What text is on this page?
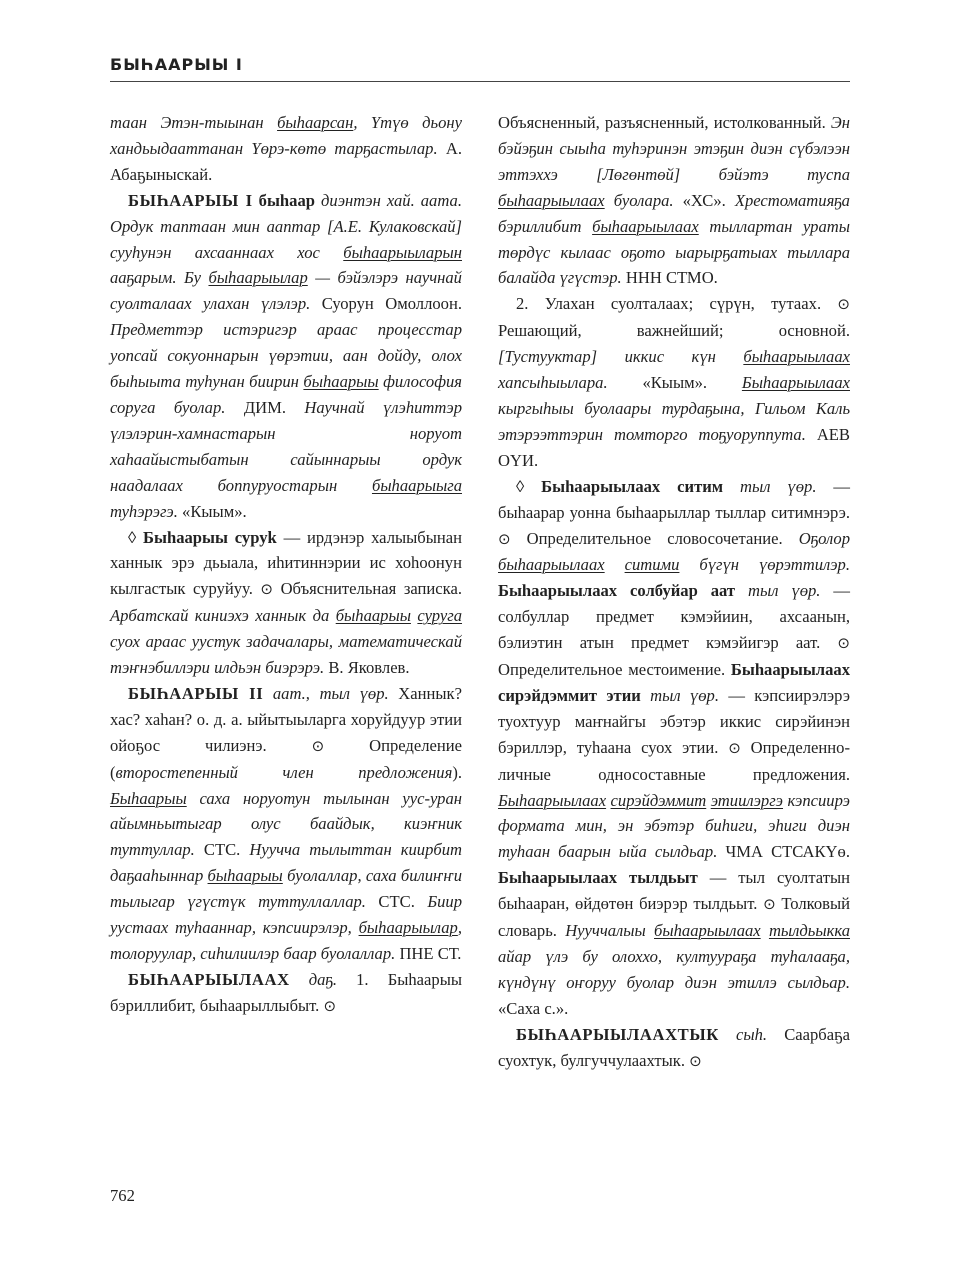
БЫҺААРЫЫ I

таан Этэн-тыынан быһаарсан, Үтүө дьону хандьыдааттанан Үөрэ-көтө тарҕастылар. А. Абаҕыныскай.

БЫҺААРЫЫ I быһаар диэнтэн хай. аата. Ордук таптаан мин ааптар [А.Е. Кулаковскай] сууһунэн ахсааннаах хос быһаарыыларын ааҕарым. Бу быһаарыылар — бэйэлэрэ научнай суолталаах улахан үлэлэр. Суорун Омоллоон. Предметтэр истэригэр араас процесстар уопсай сокуоннарын үөрэтии, аан дойду, олох быһыыта туһунан биирин быһаарыы философия соруга буолар. ДИМ. Научнай үлэһиттэр үлэлэрин-хамнастарын норуот хаһаайыстыбатын сайыннарыы ордук наадалаах боппуруостарын быһаарыыга туһэрэгэ. «Кыым».

◊ Быһаарыы суруk — ирдэнэр халыыбынан ханнык эрэ дьыала, иһитиннэрии ис хоһоонун кылгастык суруйуу. ⊙ Объяснительная записка. Арбатскай киниэхэ ханнык да быһаарыы суруга суох араас уустук задачалары, математическай тэҥнэбиллэри илдьэн биэрэрэ. В. Яковлев.

БЫҺААРЫЫ II аат., тыл үөр. Ханнык? хас? хаһан? о. д. а. ыйытыыларга хоруйдуур этии ойоҕос чилиэнэ. ⊙ Определение (второстепенный член предложения). Быһаарыы саха норуотун тылынан уус-уран айымньытыгар олус баайдык, киэҥник туттуллар. СТС. Нуучча тылыттан киирбит даҕааһыннар быһаарыы буолаллар, саха билиҥҥи тылыгар үгүстүк туттуллаллар. СТС. Биир уустаах туһааннар, кэпсиирэлэр, быһаарыылар, толоруулар, сиһилиилэр баар буолаллар. ПНЕ СТ.

БЫҺААРЫЫЛААХ даҕ. 1. Быһаарыы бэриллибит, быһаарыллыбыт. ⊙

Объясненный, разъясненный, истолкованный. Эн бэйэҕин сыыһа туһэринэн этэҕин диэн сүбэлээн эттэххэ [Лөгөнтөй] бэйэтэ туспа быһаарыылаах буолара. «ХС». Хрестоматияҕа бэриллибит быһаарыылаах тыллартан ураты төрдүс кылаас оҕото ыарырҕатыах тыллара балайда үгүстэр. ННН СТМО.

2. Улахан суолталаах; сүрүн, тутаах. ⊙ Решающий, важнейший; основной. [Тустууктар] иккис күн быһаарыылаах хапсыһыылара. «Кыым». Быһаарыылаах кыргыһыы буолаары турдаҕына, Гильом Каль этэрээттэрин томторго тоҕуоруппута. АЕВ ОҮИ.

◊ Быһаарыылаах ситим тыл үөр. — быһаарар уонна быһаарыллар тыллар ситимнэрэ. ⊙ Определительное словосочетание. Оҕолор быһаарыылаах ситими бүгүн үөрэттилэр. Быһаарыылаах солбуйар аат тыл үөр. — солбуллар предмет кэмэйиин, ахсаанын, бэлиэтин атын предмет кэмэйигэр аат. ⊙ Определительное местоимение. Быһаарыылаах сирэйдэммит этии тыл үөр. — кэпсиирэлэрэ туохтуур маҥнайгы эбэтэр иккис сирэйинэн бэриллэр, туһаана суох этии. ⊙ Определенно-личные односоставные предложения. Быһаарыылаах сирэйдэммит этиилэргэ кэпсиирэ формата мин, эн эбэтэр биһиги, эһиги диэн туһаан баарын ыйа сылдьар. ЧМА СТСАКҮө. Быһаарыылаах тылдьыт — тыл суолтатын быһааран, өйдөтөн биэрэр тылдьыт. ⊙ Толковый словарь. Нууччалыы быһаарыылаах тылдьыкка айар үлэ бу олоххо, култуураҕа туһалааҕа, күндүнү оҥоруу буолар диэн этиллэ сылдьар. «Саха с.».

БЫҺААРЫЫЛААХТЫК сыһ. Саарбаҕа суохтук, булгуччулаахтык. ⊙

762
